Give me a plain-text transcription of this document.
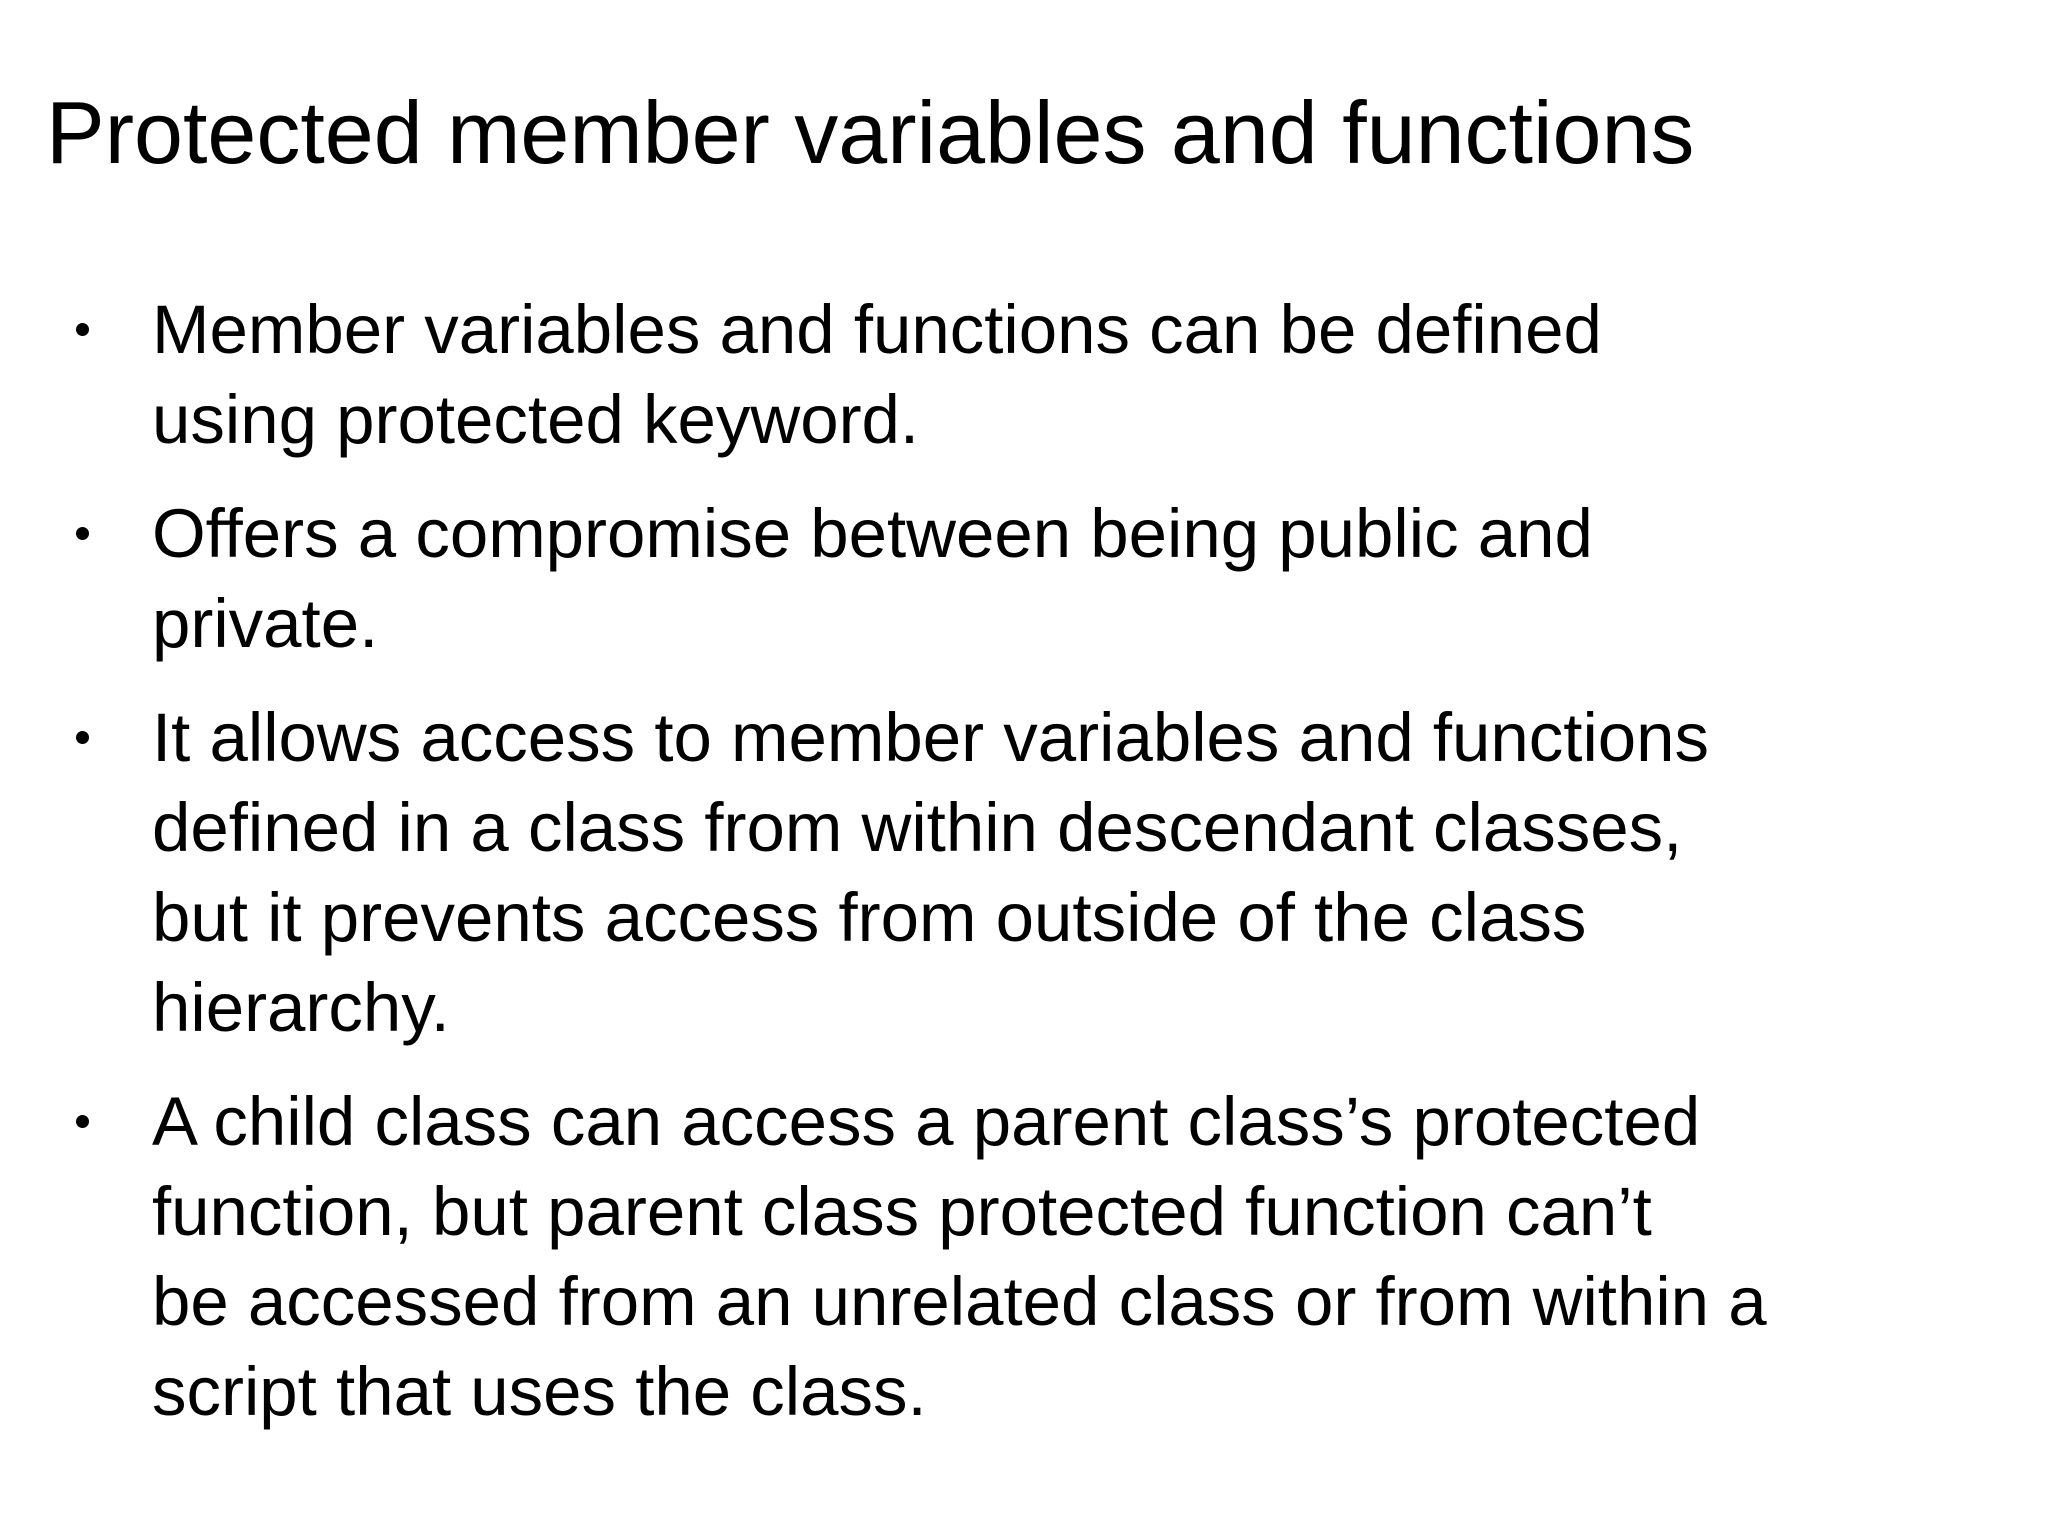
Protected member variables and functions
Member variables and functions can be defined
using protected keyword.
Offers a compromise between being public and
private.
It allows access to member variables and functions
defined in a class from within descendant classes,
but it prevents access from outside of the class
hierarchy.
A child class can access a parent class’s protected
function, but parent class protected function can’t
be accessed from an unrelated class or from within a
script that uses the class.
